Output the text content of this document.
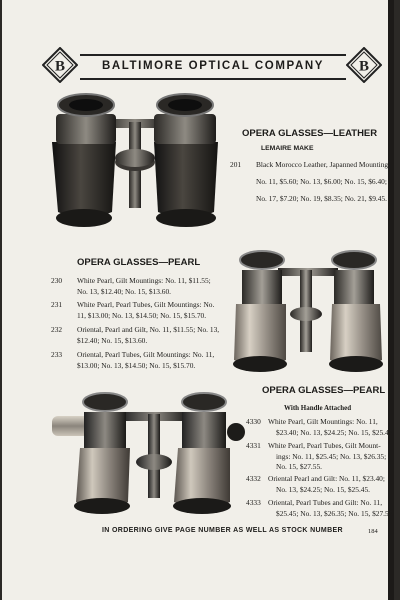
B	BALTIMORE OPTICAL COMPANY	B
OPERA GLASSES—LEATHER
LEMAIRE MAKE
201	Black Morocco Leather, Japanned Mountings:
No. 11, $5.60; No. 13, $6.00; No. 15, $6.40;
No. 17, $7.20; No. 19, $8.35; No. 21, $9.45.
OPERA GLASSES—PEARL
230	White Pearl, Gilt Mountings: No. 11, $11.55;
No. 13, $12.40; No. 15, $13.60.
231	White Pearl, Pearl Tubes, Gilt Mountings: No.
11, $13.00; No. 13, $14.50; No. 15, $15.70.
232	Oriental, Pearl and Gilt, No. 11, $11.55; No. 13,
$12.40; No. 15, $13.60.
233	Oriental, Pearl Tubes, Gilt Mountings: No. 11,
$13.00; No. 13, $14.50; No. 15, $15.70.
OPERA GLASSES—PEARL
With Handle Attached
4330 White Pearl, Gilt Mountings: No. 11,
$23.40; No. 13, $24.25; No. 15, $25.45.
4331 White Pearl, Pearl Tubes, Gilt Mount-
ings: No. 11, $25.45; No. 13, $26.35;
No. 15, $27.55.
4332 Oriental Pearl and Gilt: No. 11, $23.40;
No. 13, $24.25; No. 15, $25.45.
4333 Oriental, Pearl Tubes and Gilt: No. 11,
$25.45; No. 13, $26.35; No. 15, $27.55.
IN ORDERING GIVE PAGE NUMBER AS WELL AS STOCK NUMBER	184
